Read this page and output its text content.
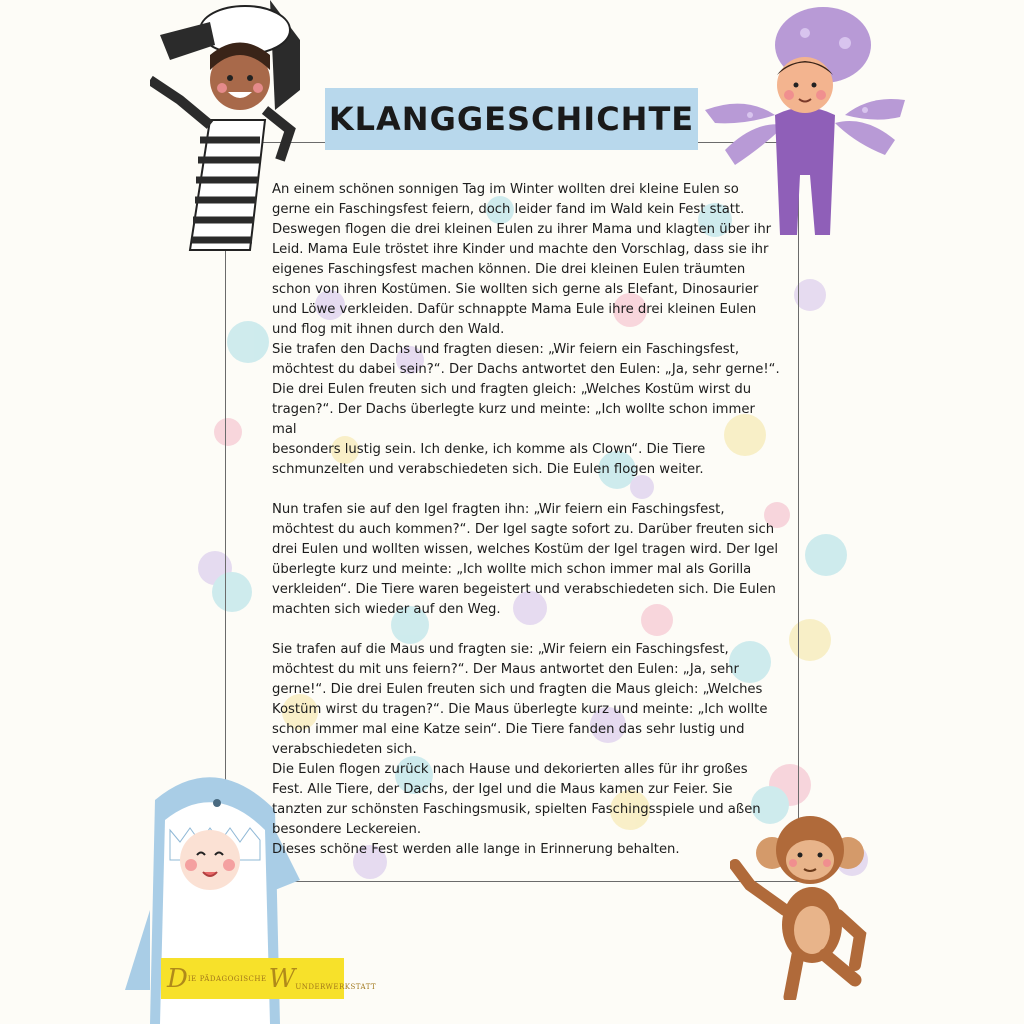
KLANGGESCHICHTE

An einem schönen sonnigen Tag im Winter wollten drei kleine Eulen so

gerne ein Faschingsfest feiern, doch leider fand im Wald kein Fest statt.

Deswegen flogen die drei kleinen Eulen zu ihrer Mama und klagten über ihr

Leid. Mama Eule tröstet ihre Kinder und machte den Vorschlag, dass sie ihr

eigenes Faschingsfest machen können. Die drei kleinen Eulen träumten

schon von ihren Kostümen. Sie wollten sich gerne als Elefant, Dinosaurier

und Löwe verkleiden. Dafür schnappte Mama Eule ihre drei kleinen Eulen

und flog mit ihnen durch den Wald.

Sie trafen den Dachs und fragten diesen: „Wir feiern ein Faschingsfest,

möchtest du dabei sein?“. Der Dachs antwortet den Eulen: „Ja, sehr gerne!“.

Die drei Eulen freuten sich und fragten gleich: „Welches Kostüm wirst du

tragen?“. Der Dachs überlegte kurz und meinte: „Ich wollte schon immer mal

besonders lustig sein. Ich denke, ich komme als Clown“. Die Tiere

schmunzelten und verabschiedeten sich. Die Eulen flogen weiter.

Nun trafen sie auf den Igel fragten ihn: „Wir feiern ein Faschingsfest,

möchtest du auch kommen?“. Der Igel sagte sofort zu. Darüber freuten sich

drei Eulen und wollten wissen, welches Kostüm der Igel tragen wird. Der Igel

überlegte kurz und meinte: „Ich wollte mich schon immer mal als Gorilla

verkleiden“. Die Tiere waren begeistert und verabschiedeten sich. Die Eulen

machten sich wieder auf den Weg.

Sie trafen auf die Maus und fragten sie: „Wir feiern ein Faschingsfest,

möchtest du mit uns feiern?“. Der Maus antwortet den Eulen: „Ja, sehr

gerne!“. Die drei Eulen freuten sich und fragten die Maus gleich: „Welches

Kostüm wirst du tragen?“. Die Maus überlegte kurz und meinte: „Ich wollte

schon immer mal eine Katze sein“. Die Tiere fanden das sehr lustig und

verabschiedeten sich.

Die Eulen flogen zurück nach Hause und dekorierten alles für ihr großes

Fest. Alle Tiere, der Dachs, der Igel und die Maus kamen zur Feier. Sie

tanzten zur schönsten Faschingsmusik, spielten Faschingsspiele und aßen

besondere Leckereien.

Dieses schöne Fest werden alle lange in Erinnerung behalten.

D IE PÄDAGOGISCHE W UNDERWERKSTATT
